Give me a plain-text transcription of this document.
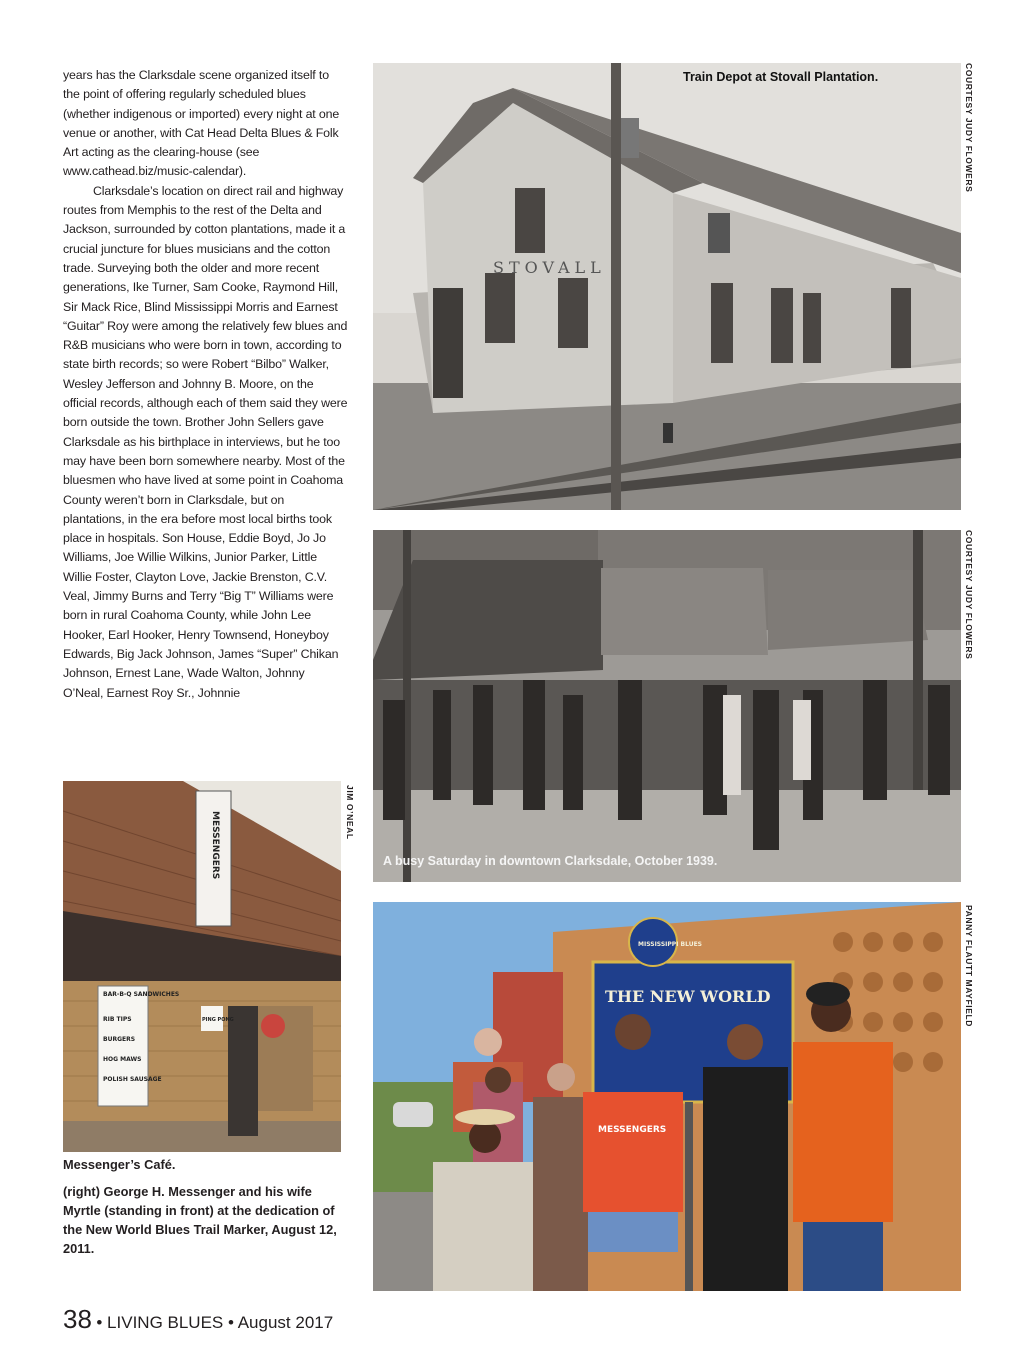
years has the Clarksdale scene organized itself to the point of offering regularly scheduled blues (whether indigenous or imported) every night at one venue or another, with Cat Head Delta Blues & Folk Art acting as the clearing-house (see www.cathead.biz/music-calendar).

Clarksdale’s location on direct rail and highway routes from Memphis to the rest of the Delta and Jackson, surrounded by cotton plantations, made it a crucial juncture for blues musicians and the cotton trade. Surveying both the older and more recent generations, Ike Turner, Sam Cooke, Raymond Hill, Sir Mack Rice, Blind Mississippi Morris and Earnest “Guitar” Roy were among the relatively few blues and R&B musicians who were born in town, according to state birth records; so were Robert “Bilbo” Walker, Wesley Jefferson and Johnny B. Moore, on the official records, although each of them said they were born outside the town. Brother John Sellers gave Clarksdale as his birthplace in interviews, but he too may have been born somewhere nearby. Most of the bluesmen who have lived at some point in Coahoma County weren’t born in Clarksdale, but on plantations, in the era before most local births took place in hospitals. Son House, Eddie Boyd, Jo Jo Williams, Joe Willie Wilkins, Junior Parker, Little Willie Foster, Clayton Love, Jackie Brenston, C.V. Veal, Jimmy Burns and Terry “Big T” Williams were born in rural Coahoma County, while John Lee Hooker, Earl Hooker, Henry Townsend, Honeyboy Edwards, Big Jack Johnson, James “Super” Chikan Johnson, Ernest Lane, Wade Walton, Johnny O’Neal, Earnest Roy Sr., Johnnie

STOVALL
Train Depot at Stovall Plantation.	COURTESY JUDY FLOWERS
A busy Saturday in downtown Clarksdale, October 1939.
COURTESY JUDY FLOWERS
MESSENGERS
BAR-B-Q SANDWICHES
RIB TIPS
BURGERS
HOG MAWS
POLISH SAUSAGE
PING PONG
JIM O’NEAL
MISSISSIPPI BLUES
THE NEW WORLD
MESSENGERS
PANNY FLAUTT MAYFIELD
Messenger’s Café.
(right) George H. Messenger and his wife Myrtle (standing in front) at the dedication of the New World Blues Trail Marker, August 12, 2011.
38 • LIVING BLUES • August 2017
